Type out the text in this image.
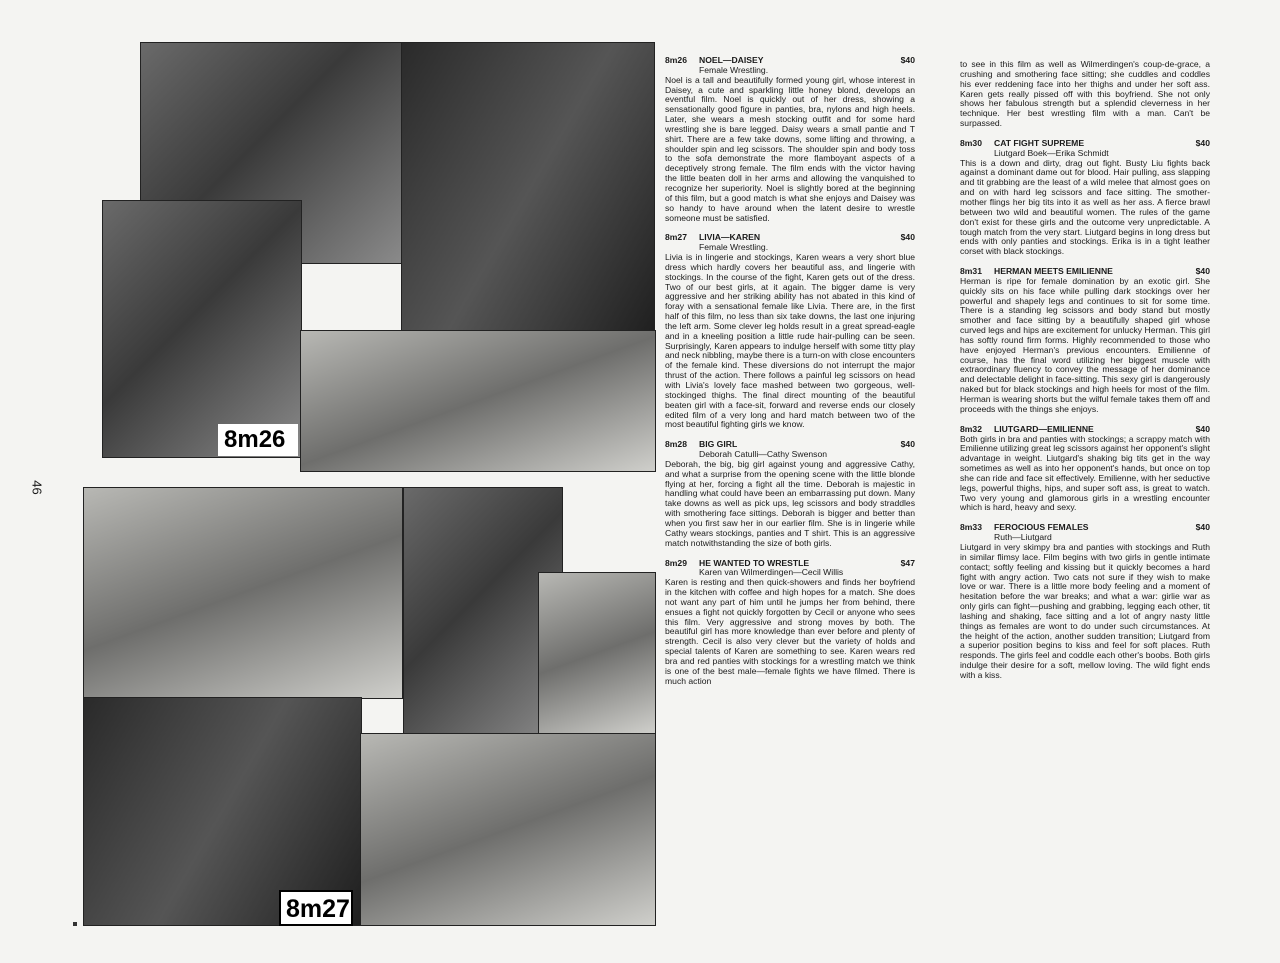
8m26
8m27
46
8m26	NOEL—DAISEY	$40
Female Wrestling.

Noel is a tall and beautifully formed young girl, whose interest in Daisey, a cute and sparkling little honey blond, develops an eventful film. Noel is quickly out of her dress, showing a sensationally good figure in panties, bra, nylons and high heels. Later, she wears a mesh stocking outfit and for some hard wrestling she is bare legged. Daisy wears a small pantie and T shirt. There are a few take downs, some lifting and throwing, a shoulder spin and leg scissors. The shoulder spin and body toss to the sofa demonstrate the more flamboyant aspects of a deceptively strong female. The film ends with the victor having the little beaten doll in her arms and allowing the vanquished to recognize her superiority. Noel is slightly bored at the beginning of this film, but a good match is what she enjoys and Daisey was so handy to have around when the latent desire to wrestle someone must be satisfied.

8m27	LIVIA—KAREN	$40
Female Wrestling.

Livia is in lingerie and stockings, Karen wears a very short blue dress which hardly covers her beautiful ass, and lingerie with stockings. In the course of the fight, Karen gets out of the dress. Two of our best girls, at it again. The bigger dame is very aggressive and her striking ability has not abated in this kind of foray with a sensational female like Livia. There are, in the first half of this film, no less than six take downs, the last one injuring the left arm. Some clever leg holds result in a great spread-eagle and in a kneeling position a little rude hair-pulling can be seen. Surprisingly, Karen appears to indulge herself with some titty play and neck nibbling, maybe there is a turn-on with close encounters of the female kind. These diversions do not interrupt the major thrust of the action. There follows a painful leg scissors on head with Livia's lovely face mashed between two gorgeous, well-stockinged thighs. The final direct mounting of the beautiful beaten girl with a face-sit, forward and reverse ends our closely edited film of a very long and hard match between two of the most beautiful fighting girls we know.

8m28	BIG GIRL	$40
Deborah Catulli—Cathy Swenson

Deborah, the big, big girl against young and aggressive Cathy, and what a surprise from the opening scene with the little blonde flying at her, forcing a fight all the time. Deborah is majestic in handling what could have been an embarrassing put down. Many take downs as well as pick ups, leg scissors and body straddles with smothering face sittings. Deborah is bigger and better than when you first saw her in our earlier film. She is in lingerie while Cathy wears stockings, panties and T shirt. This is an aggressive match notwithstanding the size of both girls.

8m29	HE WANTED TO WRESTLE	$47
Karen van Wilmerdingen—Cecil Willis

Karen is resting and then quick-showers and finds her boyfriend in the kitchen with coffee and high hopes for a match. She does not want any part of him until he jumps her from behind, there ensues a fight not quickly forgotten by Cecil or anyone who sees this film. Very aggressive and strong moves by both. The beautiful girl has more knowledge than ever before and plenty of strength. Cecil is also very clever but the variety of holds and special talents of Karen are something to see. Karen wears red bra and red panties with stockings for a wrestling match we think is one of the best male—female fights we have filmed. There is much action

to see in this film as well as Wilmerdingen's coup-de-grace, a crushing and smothering face sitting; she cuddles and coddles his ever reddening face into her thighs and under her soft ass. Karen gets really pissed off with this boyfriend. She not only shows her fabulous strength but a splendid cleverness in her technique. Her best wrestling film with a man. Can't be surpassed.

8m30	CAT FIGHT SUPREME	$40
Liutgard Boek—Erika Schmidt

This is a down and dirty, drag out fight. Busty Liu fights back against a dominant dame out for blood. Hair pulling, ass slapping and tit grabbing are the least of a wild melee that almost goes on and on with hard leg scissors and face sitting. The smother-mother flings her big tits into it as well as her ass. A fierce brawl between two wild and beautiful women. The rules of the game don't exist for these girls and the outcome very unpredictable. A tough match from the very start. Liutgard begins in long dress but ends with only panties and stockings. Erika is in a tight leather corset with black stockings.

8m31	HERMAN MEETS EMILIENNE	$40

Herman is ripe for female domination by an exotic girl. She quickly sits on his face while pulling dark stockings over her powerful and shapely legs and continues to sit for some time. There is a standing leg scissors and body stand but mostly smother and face sitting by a beautifully shaped girl whose curved legs and hips are excitement for unlucky Herman. This girl has softly round firm forms. Highly recommended to those who have enjoyed Herman's previous encounters. Emilienne of course, has the final word utilizing her biggest muscle with extraordinary fluency to convey the message of her dominance and delectable delight in face-sitting. This sexy girl is dangerously naked but for black stockings and high heels for most of the film. Herman is wearing shorts but the wilful female takes them off and proceeds with the things she enjoys.

8m32	LIUTGARD—EMILIENNE	$40

Both girls in bra and panties with stockings; a scrappy match with Emilienne utilizing great leg scissors against her opponent's slight advantage in weight. Liutgard's shaking big tits get in the way sometimes as well as into her opponent's hands, but once on top she can ride and face sit effectively. Emilienne, with her seductive legs, powerful thighs, hips, and super soft ass, is great to watch. Two very young and glamorous girls in a wrestling encounter which is hard, heavy and sexy.

8m33	FEROCIOUS FEMALES	$40
Ruth—Liutgard

Liutgard in very skimpy bra and panties with stockings and Ruth in similar flimsy lace. Film begins with two girls in gentle intimate contact; softly feeling and kissing but it quickly becomes a hard fight with angry action. Two cats not sure if they wish to make love or war. There is a little more body feeling and a moment of hesitation before the war breaks; and what a war: girlie war as only girls can fight—pushing and grabbing, legging each other, tit lashing and shaking, face sitting and a lot of angry nasty little things as females are wont to do under such circumstances. At the height of the action, another sudden transition; Liutgard from a superior position begins to kiss and feel for soft places. Ruth responds. The girls feel and coddle each other's boobs. Both girls indulge their desire for a soft, mellow loving. The wild fight ends with a kiss.
